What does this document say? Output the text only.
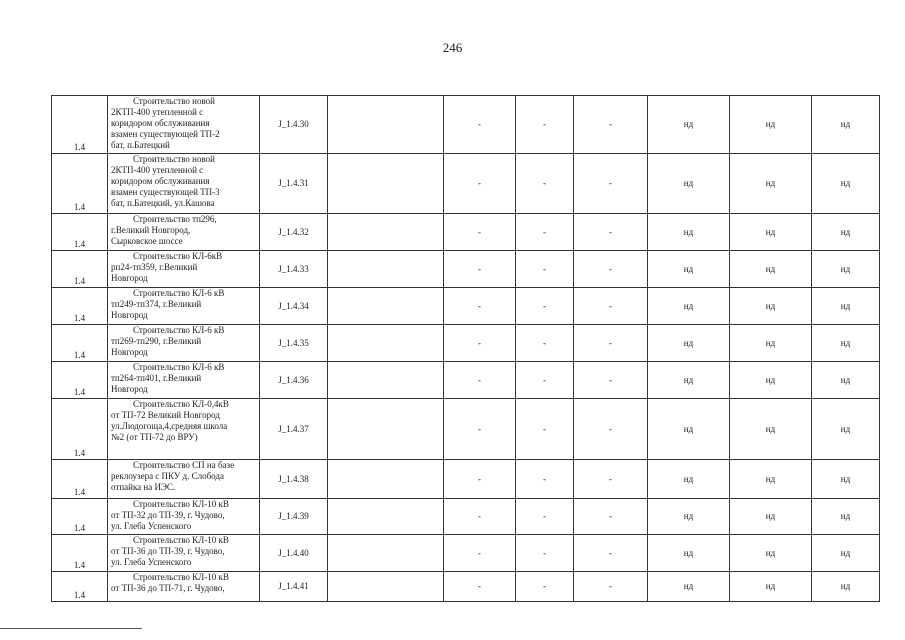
246
1.4	Строительство новой
2КТП-400 утепленной с
коридором обслуживания
взамен существующей ТП-2
бат, п.Батецкий	J_1.4.30		-	-	-	нд	нд	нд
1.4	Строительство новой
2КТП-400 утепленной с
коридором обслуживания
взамен существующей ТП-3
бат, п.Батецкий, ул.Кашова	J_1.4.31		-	-	-	нд	нд	нд
1.4	Строительство тп296,
г.Великий Новгород,
Сырковское шоссе	J_1.4.32		-	-	-	нд	нд	нд
1.4	Строительство КЛ-6кВ
рп24-тп359, г.Великий
Новгород	J_1.4.33		-	-	-	нд	нд	нд
1.4	Строительство КЛ-6 кВ
тп249-тп374, г.Великий
Новгород	J_1.4.34		-	-	-	нд	нд	нд
1.4	Строительство КЛ-6 кВ
тп269-тп290, г.Великий
Новгород	J_1.4.35		-	-	-	нд	нд	нд
1.4	Строительство КЛ-6 кВ
тп264-тп401, г.Великий
Новгород	J_1.4.36		-	-	-	нд	нд	нд
1.4	Строительство КЛ-0,4кВ
от ТП-72 Великий Новгород
ул.Людогоща,4,средняя школа
№2 (от ТП-72 до ВРУ)	J_1.4.37		-	-	-	нд	нд	нд
1.4	Строительство СП на базе
реклоузера с ПКУ д. Слобода
отпайка на ИЭС.	J_1.4.38		-	-	-	нд	нд	нд
1.4	Строительство КЛ-10 кВ
от ТП-32 до ТП-39, г. Чудово,
ул. Глеба Успенского	J_1.4.39		-	-	-	нд	нд	нд
1.4	Строительство КЛ-10 кВ
от ТП-36 до ТП-39, г. Чудово,
ул. Глеба Успенского	J_1.4.40		-	-	-	нд	нд	нд
1.4	Строительство КЛ-10 кВ
от ТП-36 до ТП-71, г. Чудово,	J_1.4.41		-	-	-	нд	нд	нд
